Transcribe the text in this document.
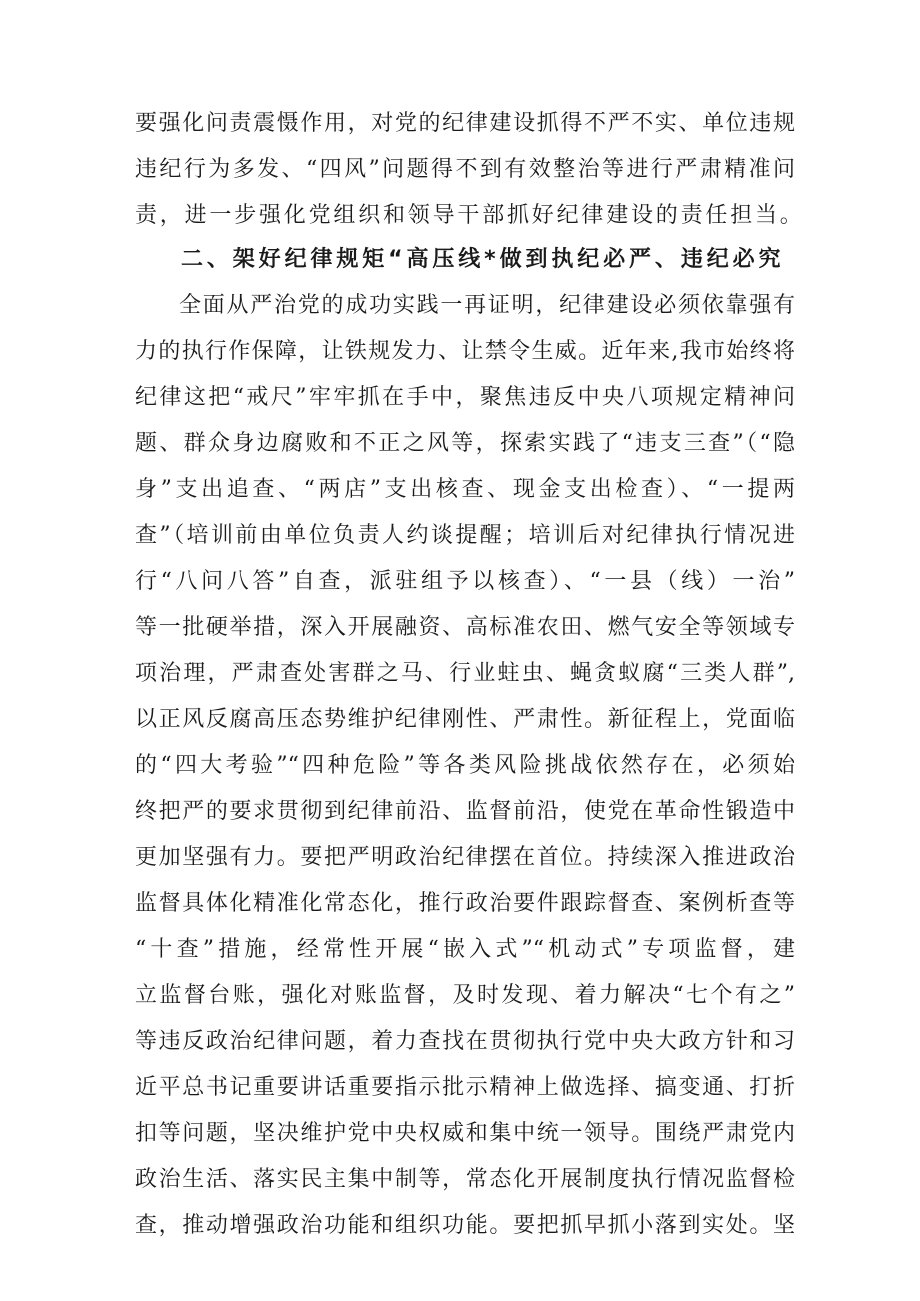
要强化问责震慑作用，对党的纪律建设抓得不严不实、单位违规
违纪行为多发、“四风”问题得不到有效整治等进行严肃精准问
责，进一步强化党组织和领导干部抓好纪律建设的责任担当。
二、架好纪律规矩“高压线*做到执纪必严、违纪必究
全面从严治党的成功实践一再证明，纪律建设必须依靠强有
力的执行作保障，让铁规发力、让禁令生威。近年来,我市始终将
纪律这把“戒尺”牢牢抓在手中，聚焦违反中央八项规定精神问
题、群众身边腐败和不正之风等，探索实践了“违支三查”（“隐
身”支出追查、“两店”支出核查、现金支出检查）、“一提两
查”（培训前由单位负责人约谈提醒；培训后对纪律执行情况进
行“八问八答”自查，派驻组予以核查）、“一县（线）一治”
等一批硬举措，深入开展融资、高标准农田、燃气安全等领域专
项治理，严肃查处害群之马、行业蛀虫、蝇贪蚁腐“三类人群”,
以正风反腐高压态势维护纪律刚性、严肃性。新征程上，党面临
的“四大考验”“四种危险”等各类风险挑战依然存在，必须始
终把严的要求贯彻到纪律前沿、监督前沿，使党在革命性锻造中
更加坚强有力。要把严明政治纪律摆在首位。持续深入推进政治
监督具体化精准化常态化，推行政治要件跟踪督查、案例析查等
“十查”措施，经常性开展“嵌入式”“机动式”专项监督，建
立监督台账，强化对账监督，及时发现、着力解决“七个有之”
等违反政治纪律问题，着力查找在贯彻执行党中央大政方针和习
近平总书记重要讲话重要指示批示精神上做选择、搞变通、打折
扣等问题，坚决维护党中央权威和集中统一领导。围绕严肃党内
政治生活、落实民主集中制等，常态化开展制度执行情况监督检
查，推动增强政治功能和组织功能。要把抓早抓小落到实处。坚
